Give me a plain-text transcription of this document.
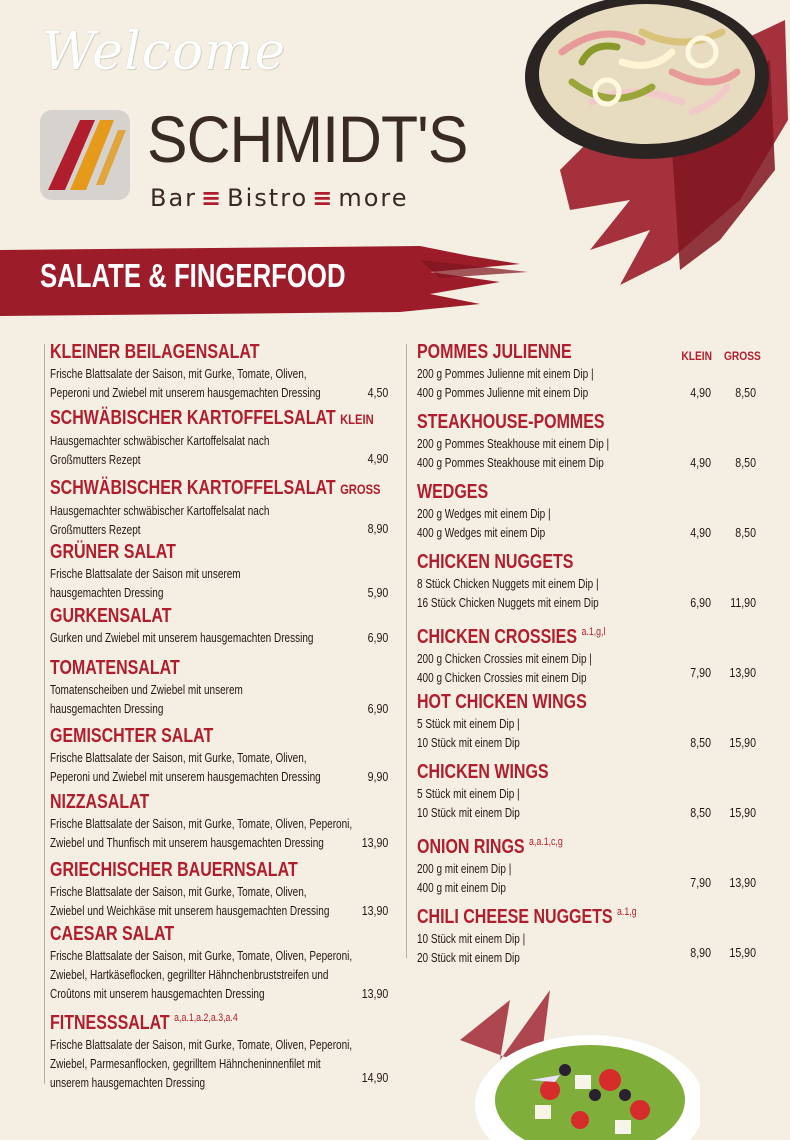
Welcome
SCHMIDT'S
Bar ≡ Bistro ≡ more
SALATE & FINGERFOOD
KLEIN GROSS
KLEINER BEILAGENSALAT
Frische Blattsalate der Saison, mit Gurke, Tomate, Oliven,
Peperoni und Zwiebel mit unserem hausgemachten Dressing	4,50
SCHWÄBISCHER KARTOFFELSALAT KLEIN
Hausgemachter schwäbischer Kartoffelsalat nach
Großmutters Rezept	4,90
SCHWÄBISCHER KARTOFFELSALAT GROSS
Hausgemachter schwäbischer Kartoffelsalat nach
Großmutters Rezept	8,90
GRÜNER SALAT
Frische Blattsalate der Saison mit unserem
hausgemachten Dressing	5,90
GURKENSALAT
Gurken und Zwiebel mit unserem hausgemachten Dressing	6,90
TOMATENSALAT
Tomatenscheiben und Zwiebel mit unserem
hausgemachten Dressing	6,90
GEMISCHTER SALAT
Frische Blattsalate der Saison, mit Gurke, Tomate, Oliven,
Peperoni und Zwiebel mit unserem hausgemachten Dressing	9,90
NIZZASALAT
Frische Blattsalate der Saison, mit Gurke, Tomate, Oliven, Peperoni,
Zwiebel und Thunfisch mit unserem hausgemachten Dressing	13,90
GRIECHISCHER BAUERNSALAT
Frische Blattsalate der Saison, mit Gurke, Tomate, Oliven,
Zwiebel und Weichkäse mit unserem hausgemachten Dressing	13,90
CAESAR SALAT
Frische Blattsalate der Saison, mit Gurke, Tomate, Oliven, Peperoni,
Zwiebel, Hartkäseflocken, gegrillter Hähnchenbruststreifen und
Croûtons mit unserem hausgemachten Dressing	13,90
FITNESSSALAT $^{a,a.1,a.2,a.3,a.4}$
Frische Blattsalate der Saison, mit Gurke, Tomate, Oliven, Peperoni,
Zwiebel, Parmesanflocken, gegrilltem Hähncheninnenfilet mit
unserem hausgemachten Dressing	14,90
POMMES JULIENNE
200 g Pommes Julienne mit einem Dip |
400 g Pommes Julienne mit einem Dip	4,90	8,50
STEAKHOUSE-POMMES
200 g Pommes Steakhouse mit einem Dip |
400 g Pommes Steakhouse mit einem Dip	4,90	8,50
WEDGES
200 g Wedges mit einem Dip |
400 g Wedges mit einem Dip	4,90	8,50
CHICKEN NUGGETS
8 Stück Chicken Nuggets mit einem Dip |
16 Stück Chicken Nuggets mit einem Dip	6,90	11,90
CHICKEN CROSSIES $^{a.1,g,l}$
200 g Chicken Crossies mit einem Dip |
400 g Chicken Crossies mit einem Dip	7,90	13,90
HOT CHICKEN WINGS
5 Stück mit einem Dip |
10 Stück mit einem Dip	8,50	15,90
CHICKEN WINGS
5 Stück mit einem Dip |
10 Stück mit einem Dip	8,50	15,90
ONION RINGS $^{a,a.1,c,g}$
200 g mit einem Dip |
400 g mit einem Dip	7,90	13,90
CHILI CHEESE NUGGETS $^{a.1,g}$
10 Stück mit einem Dip |
20 Stück mit einem Dip	8,90	15,90
